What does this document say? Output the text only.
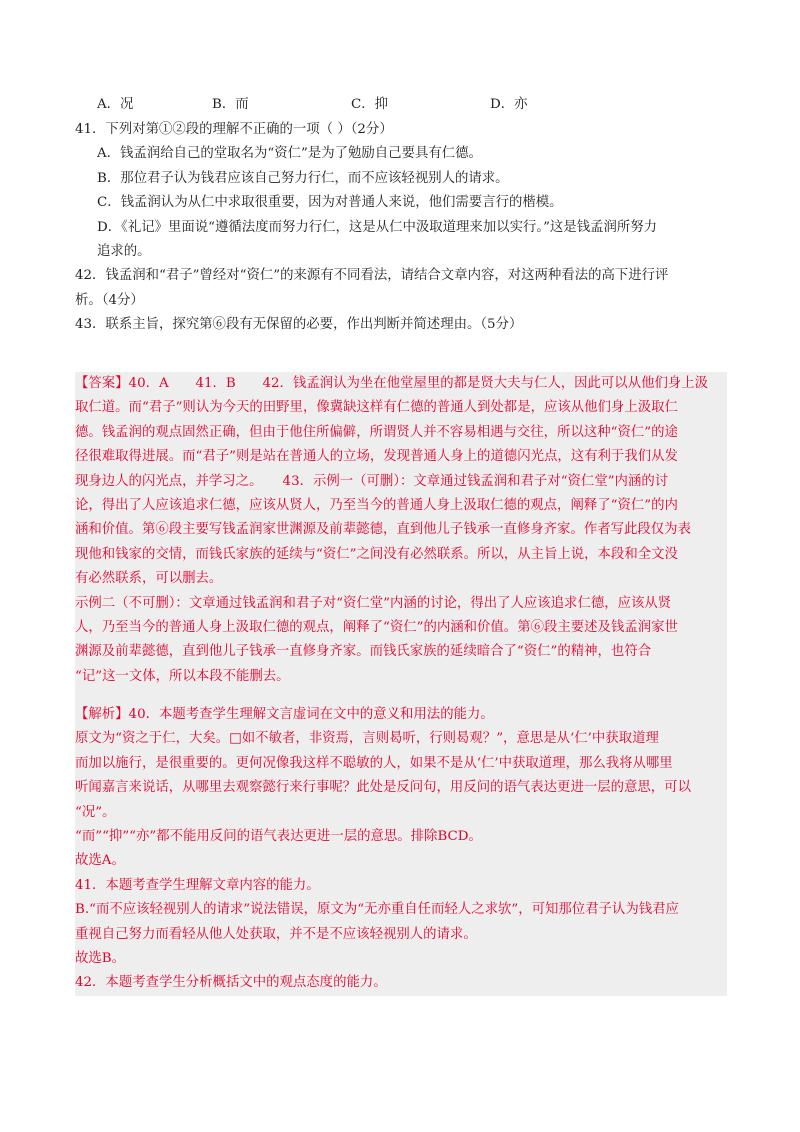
A．况	B．而	C．抑	D．亦
41．下列对第①②段的理解不正确的一项（ ）（2分）
A．钱孟润给自己的堂取名为“资仁”是为了勉励自己要具有仁德。
B．那位君子认为钱君应该自己努力行仁，而不应该轻视别人的请求。
C．钱孟润认为从仁中求取很重要，因为对普通人来说，他们需要言行的楷模。
D．《礼记》里面说“遵循法度而努力行仁，这是从仁中汲取道理来加以实行。”这是钱孟润所努力
追求的。
42．钱孟润和“君子”曾经对“资仁”的来源有不同看法，请结合文章内容，对这两种看法的高下进行评
析。（4分）
43．联系主旨，探究第⑥段有无保留的必要，作出判断并简述理由。（5分）
【答案】40．A　　41．B　　42．钱孟润认为坐在他堂屋里的都是贤大夫与仁人，因此可以从他们身上汲
取仁道。而“君子”则认为今天的田野里，像冀缺这样有仁德的普通人到处都是，应该从他们身上汲取仁
德。钱孟润的观点固然正确，但由于他住所偏僻，所谓贤人并不容易相遇与交往，所以这种“资仁”的途
径很难取得进展。而“君子”则是站在普通人的立场，发现普通人身上的道德闪光点，这有利于我们从发
现身边人的闪光点，并学习之。　　43．示例一（可删）：文章通过钱孟润和君子对“资仁堂”内涵的讨
论，得出了人应该追求仁德，应该从贤人，乃至当今的普通人身上汲取仁德的观点，阐释了“资仁”的内
涵和价值。第⑥段主要写钱孟润家世渊源及前辈懿德，直到他儿子钱承一直修身齐家。作者写此段仅为表
现他和钱家的交情，而钱氏家族的延续与“资仁”之间没有必然联系。所以，从主旨上说，本段和全文没
有必然联系，可以删去。
示例二（不可删）：文章通过钱孟润和君子对“资仁堂”内涵的讨论，得出了人应该追求仁德，应该从贤
人，乃至当今的普通人身上汲取仁德的观点，阐释了“资仁”的内涵和价值。第⑥段主要述及钱孟润家世
渊源及前辈懿德，直到他儿子钱承一直修身齐家。而钱氏家族的延续暗合了“资仁”的精神，也符合
“记”这一文体，所以本段不能删去。
【解析】40．本题考查学生理解文言虚词在文中的意义和用法的能力。
原文为“资之于仁，大矣。□如不敏者，非资焉，言则曷听，行则曷观？”，意思是从‘仁’中获取道理
而加以施行，是很重要的。更何况像我这样不聪敏的人，如果不是从‘仁’中获取道理，那么我将从哪里
听闻嘉言来说话，从哪里去观察懿行来行事呢？此处是反问句，用反问的语气表达更进一层的意思，可以
“况”。
“而”“抑”“亦”都不能用反问的语气表达更进一层的意思。排除BCD。
故选A。
41．本题考查学生理解文章内容的能力。
B.“而不应该轻视别人的请求”说法错误，原文为“无亦重自任而轻人之求欤”，可知那位君子认为钱君应
重视自己努力而看轻从他人处获取，并不是不应该轻视别人的请求。
故选B。
42．本题考查学生分析概括文中的观点态度的能力。
